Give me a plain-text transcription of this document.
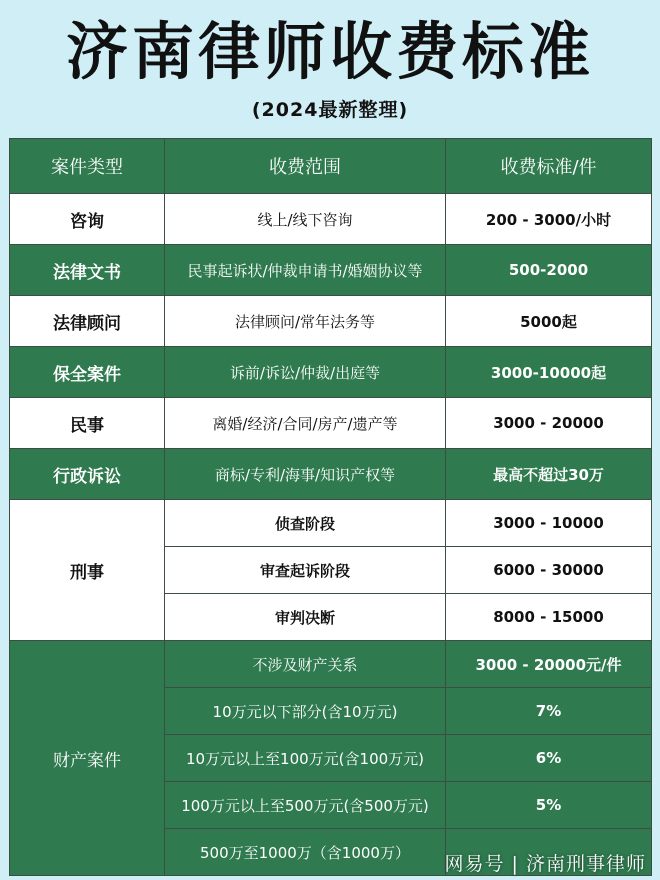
济南律师收费标准
(2024最新整理)
案件类型	收费范围	收费标准/件
咨询	线上/线下咨询	200 - 3000/小时
法律文书	民事起诉状/仲裁申请书/婚姻协议等	500-2000
法律顾问	法律顾问/常年法务等	5000起
保全案件	诉前/诉讼/仲裁/出庭等	3000-10000起
民事	离婚/经济/合同/房产/遗产等	3000 - 20000
行政诉讼	商标/专利/海事/知识产权等	最高不超过30万
刑事	侦查阶段	3000 - 10000
	审查起诉阶段	6000 - 30000
	审判决断	8000 - 15000
财产案件	不涉及财产关系	3000 - 20000元/件
	10万元以下部分(含10万元)	7%
	10万元以上至100万元(含100万元)	6%
	100万元以上至500万元(含500万元)	5%
	500万至1000万（含1000万）	
网易号 | 济南刑事律师
